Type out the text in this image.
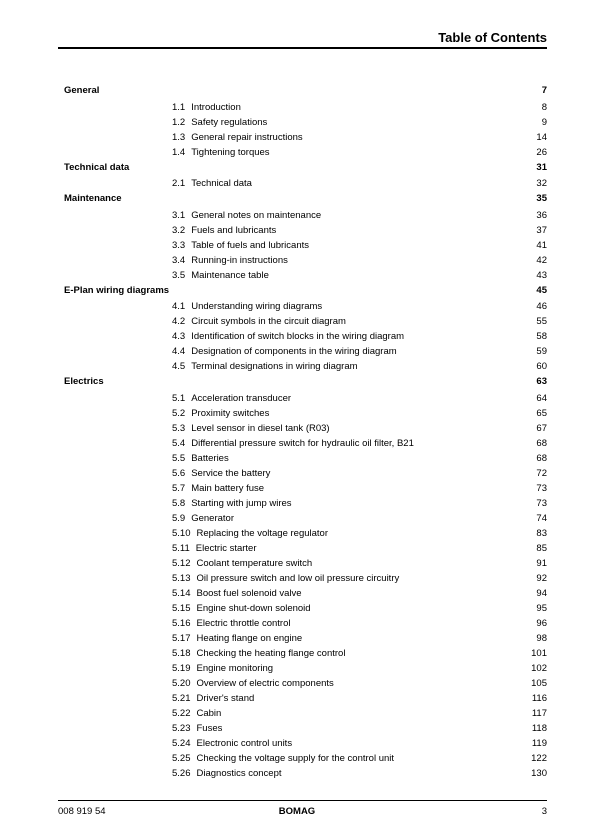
Table of Contents
General	7
1.1 Introduction	8
1.2 Safety regulations	9
1.3 General repair instructions	14
1.4 Tightening torques	26
Technical data	31
2.1 Technical data	32
Maintenance	35
3.1 General notes on maintenance	36
3.2 Fuels and lubricants	37
3.3 Table of fuels and lubricants	41
3.4 Running-in instructions	42
3.5 Maintenance table	43
E-Plan wiring diagrams	45
4.1 Understanding wiring diagrams	46
4.2 Circuit symbols in the circuit diagram	55
4.3 Identification of switch blocks in the wiring diagram	58
4.4 Designation of components in the wiring diagram	59
4.5 Terminal designations in wiring diagram	60
Electrics	63
5.1 Acceleration transducer	64
5.2 Proximity switches	65
5.3 Level sensor in diesel tank (R03)	67
5.4 Differential pressure switch for hydraulic oil filter, B21	68
5.5 Batteries	68
5.6 Service the battery	72
5.7 Main battery fuse	73
5.8 Starting with jump wires	73
5.9 Generator	74
5.10 Replacing the voltage regulator	83
5.11 Electric starter	85
5.12 Coolant temperature switch	91
5.13 Oil pressure switch and low oil pressure circuitry	92
5.14 Boost fuel solenoid valve	94
5.15 Engine shut-down solenoid	95
5.16 Electric throttle control	96
5.17 Heating flange on engine	98
5.18 Checking the heating flange control	101
5.19 Engine monitoring	102
5.20 Overview of electric components	105
5.21 Driver's stand	116
5.22 Cabin	117
5.23 Fuses	118
5.24 Electronic control units	119
5.25 Checking the voltage supply for the control unit	122
5.26 Diagnostics concept	130
008 919 54	BOMAG	3
